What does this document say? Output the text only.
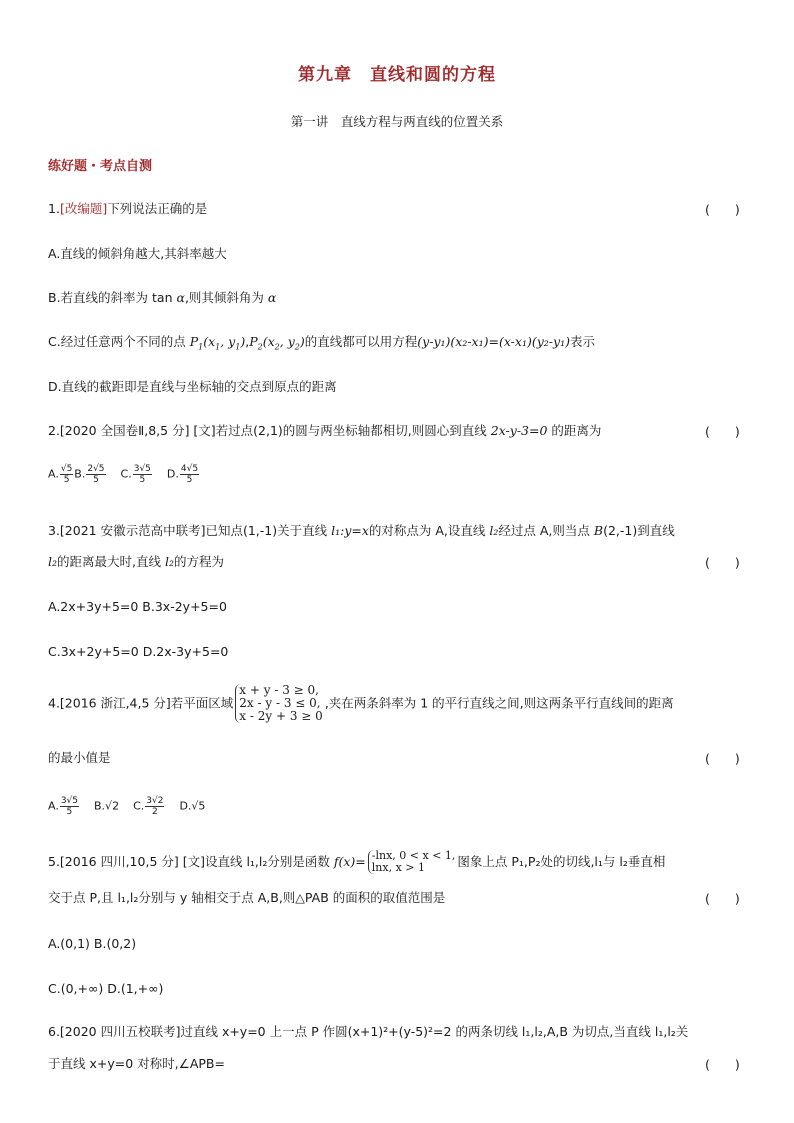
第九章　直线和圆的方程
第一讲　直线方程与两直线的位置关系
练好题・考点自测
1.[改编题]下列说法正确的是	(　　)
A.直线的倾斜角越大,其斜率越大
B.若直线的斜率为 tan α,则其倾斜角为 α
C.经过任意两个不同的点 $P_1(x_1$, $y_1),P_2(x_2$, $y_2$)的直线都可以用方程(y-y₁)(x₂-x₁)=(x-x₁)(y₂-y₁)表示
D.直线的截距即是直线与坐标轴的交点到原点的距离
2.[2020 全国卷Ⅱ,8,5 分] [文]若过点(2,1)的圆与两坐标轴都相切,则圆心到直线 2x-y-3=0 的距离为	(　　)
A. $\frac{√5}{5} B$. $\frac{2√5}{5} C$. $\frac{3√5}{5} D$. $\frac{4√5}{5}$
3.[2021 安徽示范高中联考]已知点(1,-1)关于直线 l₁:y=x的对称点为 A,设直线 l₂经过点 A,则当点 B(2,-1)到直线
l₂的距离最大时,直线 l₂的方程为	(　　)
A.2x+3y+5=0 B.3x-2y+5=0
C.3x+2y+5=0 D.2x-3y+5=0
4.[2016 浙江,4,5 分]若平面区域
x + y - 3 ≥ 0,
2x - y - 3 ≤ 0,
x - 2y + 3 ≥ 0
,夹在两条斜率为 1 的平行直线之间,则这两条平行直线间的距离
的最小值是	(　　)
A. $\frac{3√5}{5} B.√2$ C. $\frac{3√2}{2} D.√5$
5.[2016 四川,10,5 分] [文]设直线 l₁,l₂分别是函数 f(x)= -lnx, 0 < x < 1,
lnx, x > 1	图象上点 P₁,P₂处的切线,l₁与 l₂垂直相
交于点 P,且 l₁,l₂分别与 y 轴相交于点 A,B,则△PAB 的面积的取值范围是	(　　)
A.(0,1) B.(0,2)
C.(0,+∞) D.(1,+∞)
6.[2020 四川五校联考]过直线 x+y=0 上一点 P 作圆(x+1)²+(y-5)²=2 的两条切线 l₁,l₂,A,B 为切点,当直线 l₁,l₂关
于直线 x+y=0 对称时,∠APB=	(　　)
